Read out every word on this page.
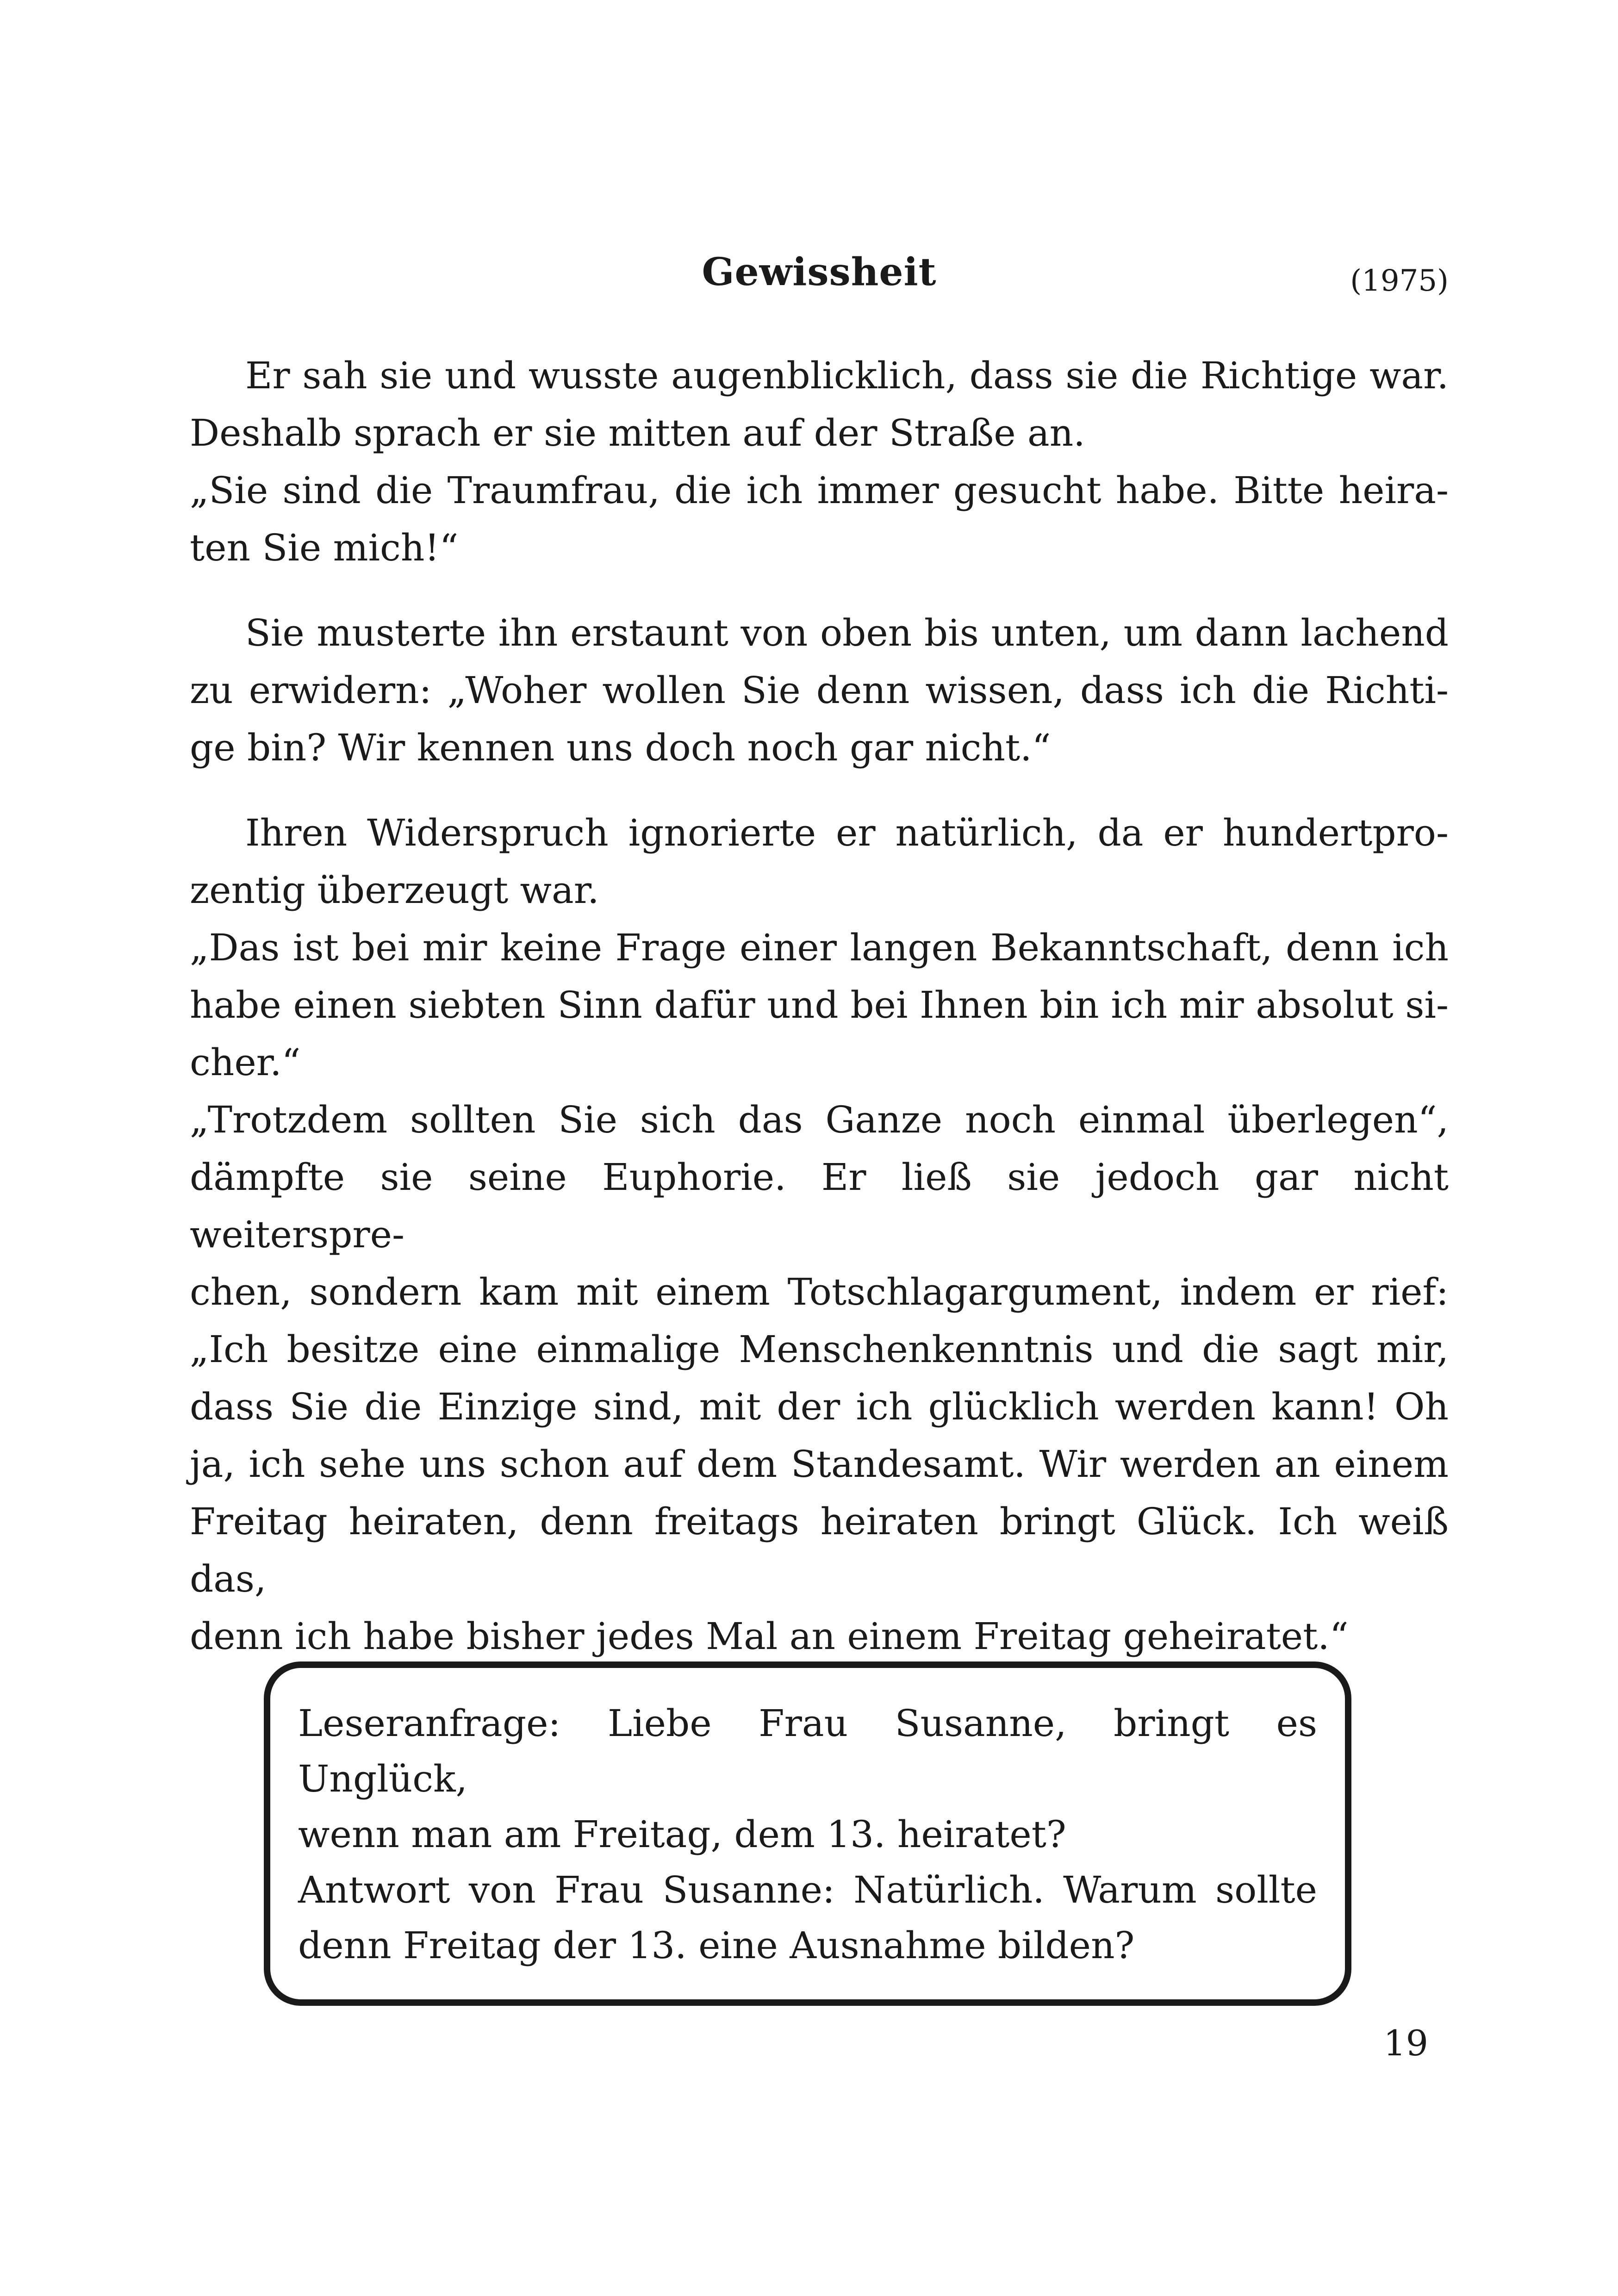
Gewissheit	(1975)
Er sah sie und wusste augenblicklich, dass sie die Richtige war.
Deshalb sprach er sie mitten auf der Straße an.
„Sie sind die Traumfrau, die ich immer gesucht habe. Bitte heira-
ten Sie mich!“
Sie musterte ihn erstaunt von oben bis unten, um dann lachend
zu erwidern: „Woher wollen Sie denn wissen, dass ich die Richti-
ge bin? Wir kennen uns doch noch gar nicht.“
Ihren Widerspruch ignorierte er natürlich, da er hundertpro-
zentig überzeugt war.
„Das ist bei mir keine Frage einer langen Bekanntschaft, denn ich
habe einen siebten Sinn dafür und bei Ihnen bin ich mir absolut si-
cher.“
„Trotzdem sollten Sie sich das Ganze noch einmal überlegen“,
dämpfte sie seine Euphorie. Er ließ sie jedoch gar nicht weiterspre-
chen, sondern kam mit einem Totschlagargument, indem er rief:
„Ich besitze eine einmalige Menschenkenntnis und die sagt mir,
dass Sie die Einzige sind, mit der ich glücklich werden kann! Oh
ja, ich sehe uns schon auf dem Standesamt. Wir werden an einem
Freitag heiraten, denn freitags heiraten bringt Glück. Ich weiß das,
denn ich habe bisher jedes Mal an einem Freitag geheiratet.“
Leseranfrage: Liebe Frau Susanne, bringt es Unglück,
wenn man am Freitag, dem 13. heiratet?
Antwort von Frau Susanne: Natürlich. Warum sollte
denn Freitag der 13. eine Ausnahme bilden?
19
